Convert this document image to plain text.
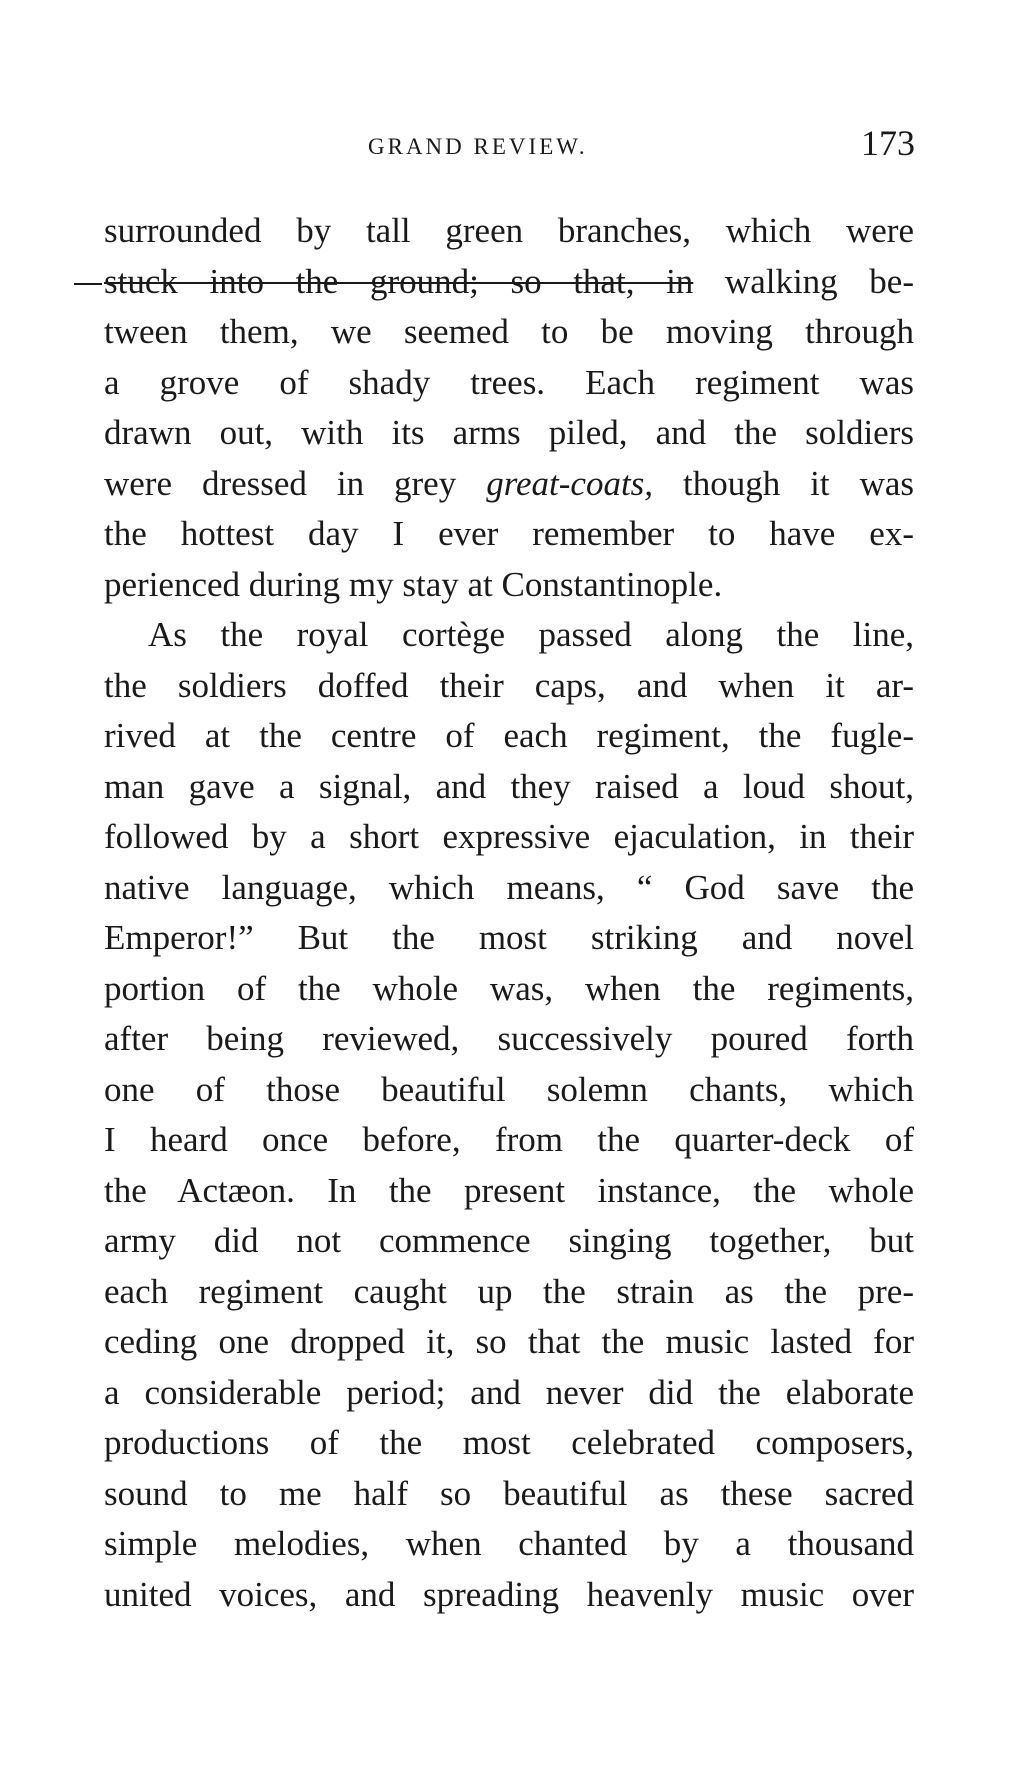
GRAND REVIEW.	173
surrounded by tall green branches, which were
stuck into the ground; so that, in walking be-
tween them, we seemed to be moving through
a grove of shady trees. Each regiment was
drawn out, with its arms piled, and the soldiers
were dressed in grey great-coats, though it was
the hottest day I ever remember to have ex-
perienced during my stay at Constantinople.
As the royal cortège passed along the line,
the soldiers doffed their caps, and when it ar-
rived at the centre of each regiment, the fugle-
man gave a signal, and they raised a loud shout,
followed by a short expressive ejaculation, in their
native language, which means, “ God save the
Emperor!” But the most striking and novel
portion of the whole was, when the regiments,
after being reviewed, successively poured forth
one of those beautiful solemn chants, which
I heard once before, from the quarter-deck of
the Actæon. In the present instance, the whole
army did not commence singing together, but
each regiment caught up the strain as the pre-
ceding one dropped it, so that the music lasted for
a considerable period; and never did the elaborate
productions of the most celebrated composers,
sound to me half so beautiful as these sacred
simple melodies, when chanted by a thousand
united voices, and spreading heavenly music over
